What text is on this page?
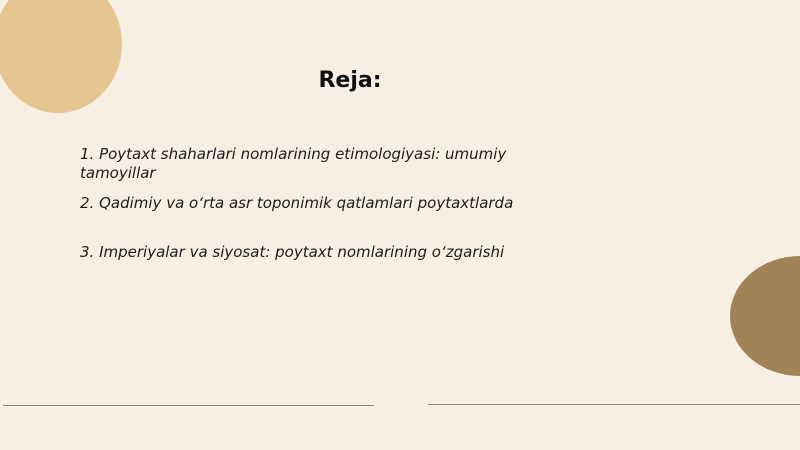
Reja:
1. Poytaxt shaharlari nomlarining etimologiyasi: umumiy tamoyillar
2. Qadimiy va o‘rta asr toponimik qatlamlari poytaxtlarda
3. Imperiyalar va siyosat: poytaxt nomlarining o‘zgarishi
